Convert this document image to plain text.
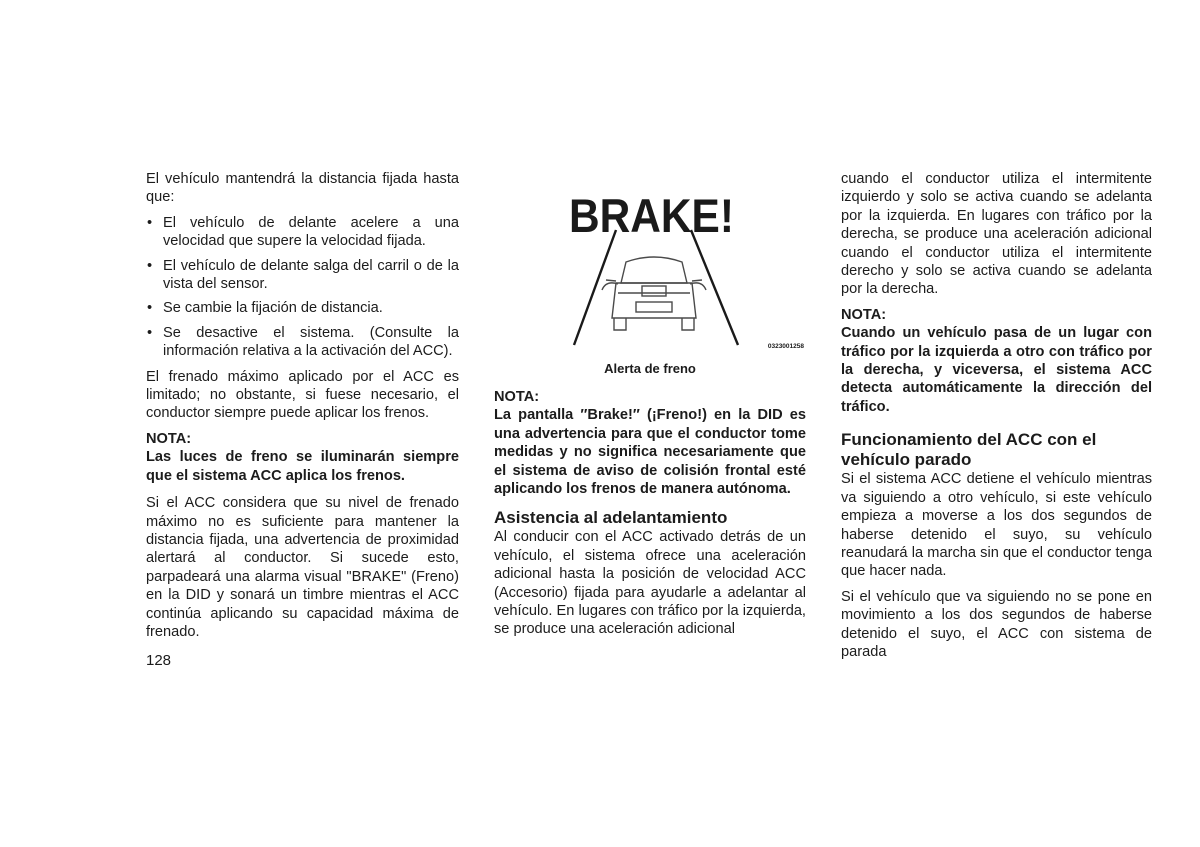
El vehículo mantendrá la distancia fijada hasta que:

• El vehículo de delante acelere a una velocidad que supere la velocidad fijada.
• El vehículo de delante salga del carril o de la vista del sensor.
• Se cambie la fijación de distancia.
• Se desactive el sistema. (Consulte la información relativa a la activación del ACC).

El frenado máximo aplicado por el ACC es limitado; no obstante, si fuese necesario, el conductor siempre puede aplicar los frenos.

NOTA:

Las luces de freno se iluminarán siempre que el sistema ACC aplica los frenos.

Si el ACC considera que su nivel de frenado máximo no es suficiente para mantener la distancia fijada, una advertencia de proximidad alertará al conductor. Si sucede esto, parpadeará una alarma visual "BRAKE" (Freno) en la DID y sonará un timbre mientras el ACC continúa aplicando su capacidad máxima de frenado.

BRAKE!
0323001258
Alerta de freno

NOTA:

La pantalla ″Brake!″ (¡Freno!) en la DID es una advertencia para que el conductor tome medidas y no significa necesariamente que el sistema de aviso de colisión frontal esté aplicando los frenos de manera autónoma.

Asistencia al adelantamiento

Al conducir con el ACC activado detrás de un vehículo, el sistema ofrece una aceleración adicional hasta la posición de velocidad ACC (Accesorio) fijada para ayudarle a adelantar al vehículo. En lugares con tráfico por la izquierda, se produce una aceleración adicional

cuando el conductor utiliza el intermitente izquierdo y solo se activa cuando se adelanta por la izquierda. En lugares con tráfico por la derecha, se produce una aceleración adicional cuando el conductor utiliza el intermitente derecho y solo se activa cuando se adelanta por la derecha.

NOTA:

Cuando un vehículo pasa de un lugar con tráfico por la izquierda a otro con tráfico por la derecha, y viceversa, el sistema ACC detecta automáticamente la dirección del tráfico.

Funcionamiento del ACC con el vehículo parado

Si el sistema ACC detiene el vehículo mientras va siguiendo a otro vehículo, si este vehículo empieza a moverse a los dos segundos de haberse detenido el suyo, su vehículo reanudará la marcha sin que el conductor tenga que hacer nada.

Si el vehículo que va siguiendo no se pone en movimiento a los dos segundos de haberse detenido el suyo, el ACC con sistema de parada

128
